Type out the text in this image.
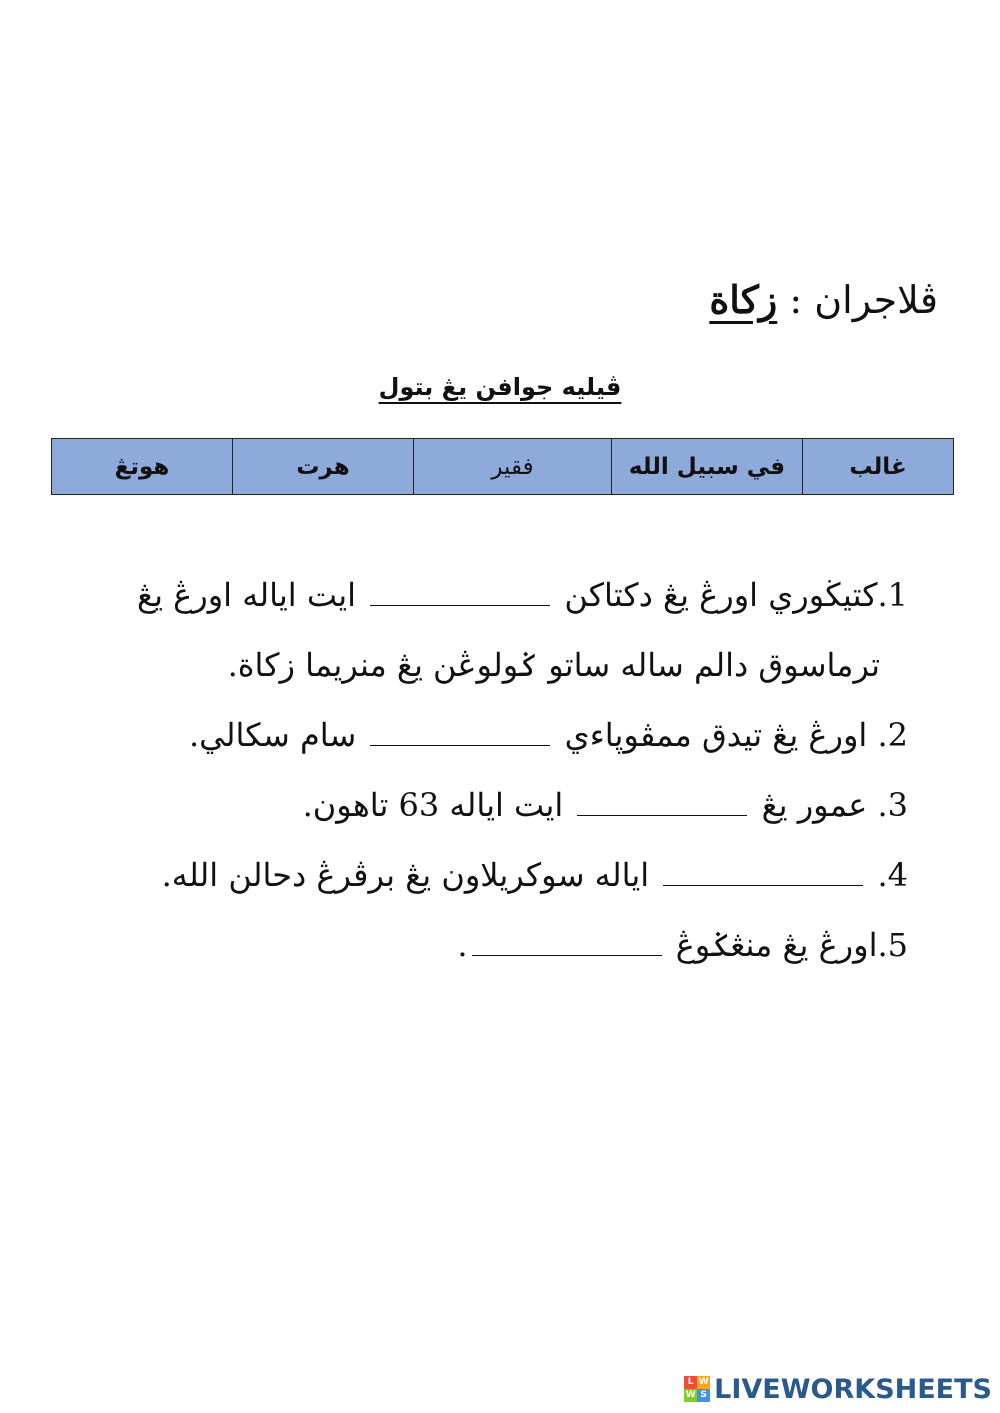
ڤلاجران : زكاة
ڤيليه جوافن يڠ بتول
غالب	في سبيل الله	فقير	هرت	هوتڠ

1.كتيڬوري اورڠ يڠ دكتاكن  ايت اياله اورڠ يڠ ترماسوق دالم ساله ساتو ݢولوڠن يڠ منريما زكاة.

2. اورڠ يڠ تيدق ممڤوڽاءي  سام سكالي.

3. عمور يڠ  ايت اياله 63 تاهون.

4.  اياله سوكريلاون يڠ برڤرڠ دحالن الله.

5.اورڠ يڠ منڠݢوڠ .

L W
W S LIVEWORKSHEETS
